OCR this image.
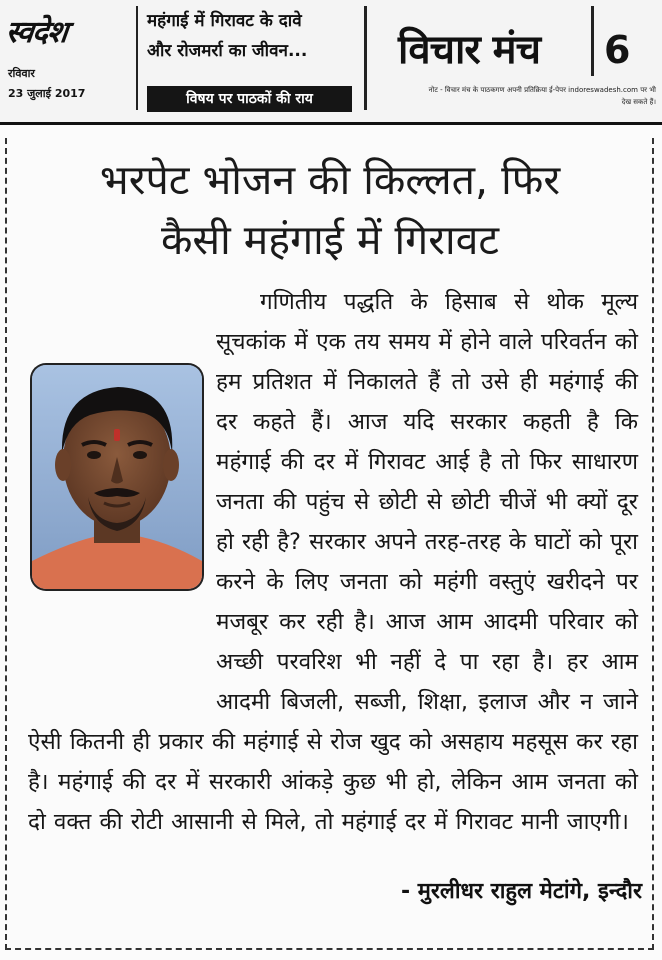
स्वदेश
रविवार
23 जुलाई 2017
महंगाई में गिरावट के दावे
और रोजमर्रा का जीवन...
विषय पर पाठकों की राय
विचार मंच 6
नोट - विचार मंच के पाठकगण अपनी प्रतिक्रिया ई-पेपर indoreswadesh.com पर भी देख सकते हैं।
भरपेट भोजन की किल्लत, फिर
कैसी महंगाई में गिरावट
गणितीय पद्धति के हिसाब से थोक मूल्य सूचकांक में एक तय समय में होने वाले परिवर्तन को हम प्रतिशत में निकालते हैं तो उसे ही महंगाई की दर कहते हैं। आज यदि सरकार कहती है कि महंगाई की दर में गिरावट आई है तो फिर साधारण जनता की पहुंच से छोटी से छोटी चीजें भी क्यों दूर हो रही है? सरकार अपने तरह-तरह के घाटों को पूरा करने के लिए जनता को महंगी वस्तुएं खरीदने पर मजबूर कर रही है। आज आम आदमी परिवार को अच्छी परवरिश भी नहीं दे पा रहा है। हर आम आदमी बिजली, सब्जी, शिक्षा, इलाज और न जाने ऐसी कितनी ही प्रकार की महंगाई से रोज खुद को असहाय महसूस कर रहा है। महंगाई की दर में सरकारी आंकड़े कुछ भी हो, लेकिन आम जनता को दो वक्त की रोटी आसानी से मिले, तो महंगाई दर में गिरावट मानी जाएगी।
- मुरलीधर राहुल मेटांगे, इन्दौर
